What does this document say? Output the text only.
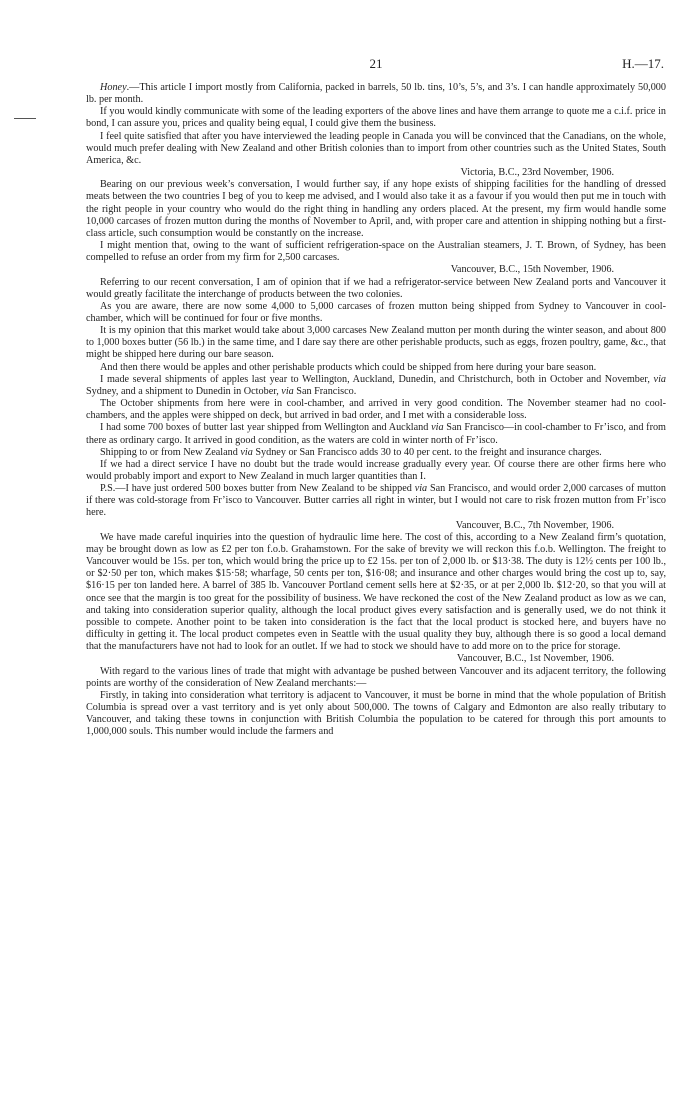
21	H.—17.

Honey.—This article I import mostly from California, packed in barrels, 50 lb. tins, 10’s, 5’s, and 3’s. I can handle approximately 50,000 lb. per month.

If you would kindly communicate with some of the leading exporters of the above lines and have them arrange to quote me a c.i.f. price in bond, I can assure you, prices and quality being equal, I could give them the business.

I feel quite satisfied that after you have interviewed the leading people in Canada you will be convinced that the Canadians, on the whole, would much prefer dealing with New Zealand and other British colonies than to import from other countries such as the United States, South America, &c.

Victoria, B.C., 23rd November, 1906.

Bearing on our previous week’s conversation, I would further say, if any hope exists of shipping facilities for the handling of dressed meats between the two countries I beg of you to keep me advised, and I would also take it as a favour if you would then put me in touch with the right people in your country who would do the right thing in handling any orders placed. At the present, my firm would handle some 10,000 carcases of frozen mutton during the months of November to April, and, with proper care and attention in shipping nothing but a first-class article, such consumption would be constantly on the increase.

I might mention that, owing to the want of sufficient refrigeration-space on the Australian steamers, J. T. Brown, of Sydney, has been compelled to refuse an order from my firm for 2,500 carcases.

Vancouver, B.C., 15th November, 1906.

Referring to our recent conversation, I am of opinion that if we had a refrigerator-service between New Zealand ports and Vancouver it would greatly facilitate the interchange of products between the two colonies.

As you are aware, there are now some 4,000 to 5,000 carcases of frozen mutton being shipped from Sydney to Vancouver in cool-chamber, which will be continued for four or five months.

It is my opinion that this market would take about 3,000 carcases New Zealand mutton per month during the winter season, and about 800 to 1,000 boxes butter (56 lb.) in the same time, and I dare say there are other perishable products, such as eggs, frozen poultry, game, &c., that might be shipped here during our bare season.

And then there would be apples and other perishable products which could be shipped from here during your bare season.

I made several shipments of apples last year to Wellington, Auckland, Dunedin, and Christchurch, both in October and November, via Sydney, and a shipment to Dunedin in October, via San Francisco.

The October shipments from here were in cool-chamber, and arrived in very good condition. The November steamer had no cool-chambers, and the apples were shipped on deck, but arrived in bad order, and I met with a considerable loss.

I had some 700 boxes of butter last year shipped from Wellington and Auckland via San Francisco—in cool-chamber to Fr’isco, and from there as ordinary cargo. It arrived in good condition, as the waters are cold in winter north of Fr’isco.

Shipping to or from New Zealand via Sydney or San Francisco adds 30 to 40 per cent. to the freight and insurance charges.

If we had a direct service I have no doubt but the trade would increase gradually every year. Of course there are other firms here who would probably import and export to New Zealand in much larger quantities than I.

P.S.—I have just ordered 500 boxes butter from New Zealand to be shipped via San Francisco, and would order 2,000 carcases of mutton if there was cold-storage from Fr’isco to Vancouver. Butter carries all right in winter, but I would not care to risk frozen mutton from Fr’isco here.

Vancouver, B.C., 7th November, 1906.

We have made careful inquiries into the question of hydraulic lime here. The cost of this, according to a New Zealand firm’s quotation, may be brought down as low as £2 per ton f.o.b. Grahamstown. For the sake of brevity we will reckon this f.o.b. Wellington. The freight to Vancouver would be 15s. per ton, which would bring the price up to £2 15s. per ton of 2,000 lb. or $13·38. The duty is 12½ cents per 100 lb., or $2·50 per ton, which makes $15·58; wharfage, 50 cents per ton, $16·08; and insurance and other charges would bring the cost up to, say, $16·15 per ton landed here. A barrel of 385 lb. Vancouver Portland cement sells here at $2·35, or at per 2,000 lb. $12·20, so that you will at once see that the margin is too great for the possibility of business. We have reckoned the cost of the New Zealand product as low as we can, and taking into consideration superior quality, although the local product gives every satisfaction and is generally used, we do not think it possible to compete. Another point to be taken into consideration is the fact that the local product is stocked here, and buyers have no difficulty in getting it. The local product competes even in Seattle with the usual quality they buy, although there is so good a local demand that the manufacturers have not had to look for an outlet. If we had to stock we should have to add more on to the price for storage.

Vancouver, B.C., 1st November, 1906.

With regard to the various lines of trade that might with advantage be pushed between Vancouver and its adjacent territory, the following points are worthy of the consideration of New Zealand merchants:—

Firstly, in taking into consideration what territory is adjacent to Vancouver, it must be borne in mind that the whole population of British Columbia is spread over a vast territory and is yet only about 500,000. The towns of Calgary and Edmonton are also really tributary to Vancouver, and taking these towns in conjunction with British Columbia the population to be catered for through this port amounts to 1,000,000 souls. This number would include the farmers and
